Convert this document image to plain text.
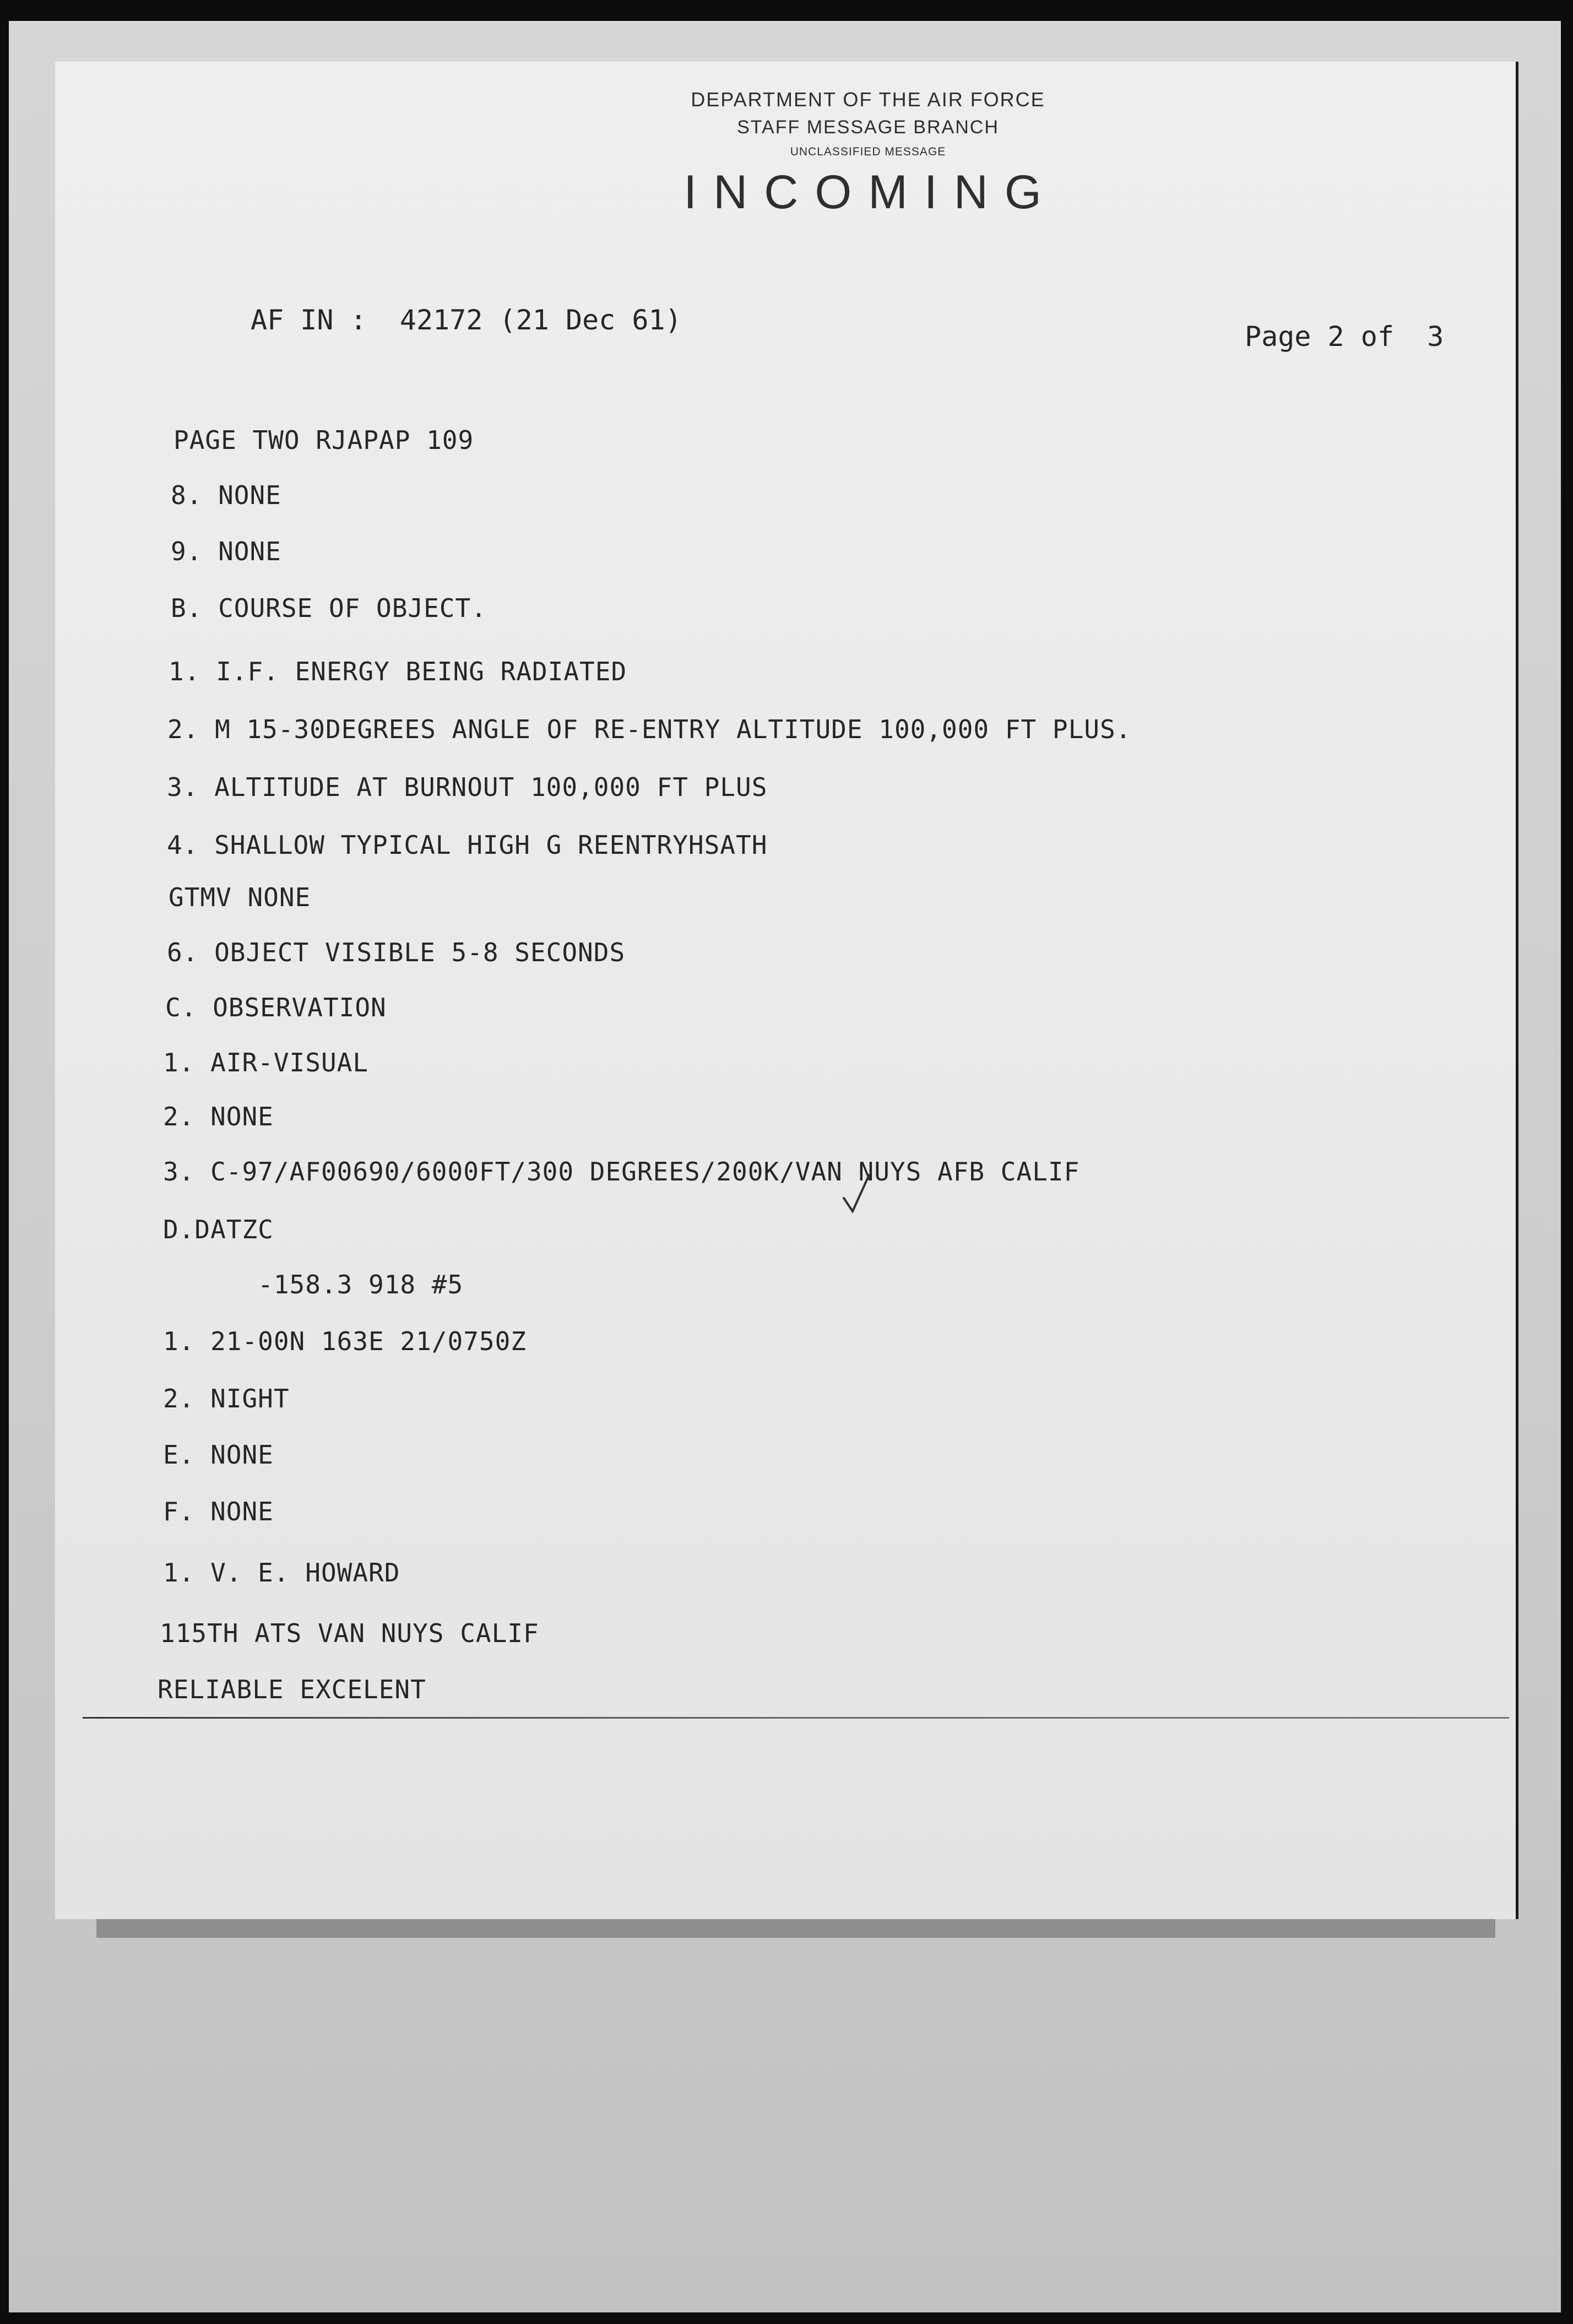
DEPARTMENT OF THE AIR FORCE
STAFF MESSAGE BRANCH
UNCLASSIFIED MESSAGE
INCOMING
AF IN :  42172 (21 Dec 61)
Page 2 of  3
PAGE TWO RJAPAP 109
8. NONE
9. NONE
B. COURSE OF OBJECT.
1. I.F. ENERGY BEING RADIATED
2. M 15-30DEGREES ANGLE OF RE-ENTRY ALTITUDE 100,000 FT PLUS.
3. ALTITUDE AT BURNOUT 100,000 FT PLUS
4. SHALLOW TYPICAL HIGH G REENTRYHSATH
GTMV NONE
6. OBJECT VISIBLE 5-8 SECONDS
C. OBSERVATION
1. AIR-VISUAL
2. NONE
3. C-97/AF00690/6000FT/300 DEGREES/200K/VAN NUYS AFB CALIF
D.DATZC
-158.3 918 #5
1. 21-00N 163E 21/0750Z
2. NIGHT
E. NONE
F. NONE
1. V. E. HOWARD
115TH ATS VAN NUYS CALIF
RELIABLE EXCELENT
